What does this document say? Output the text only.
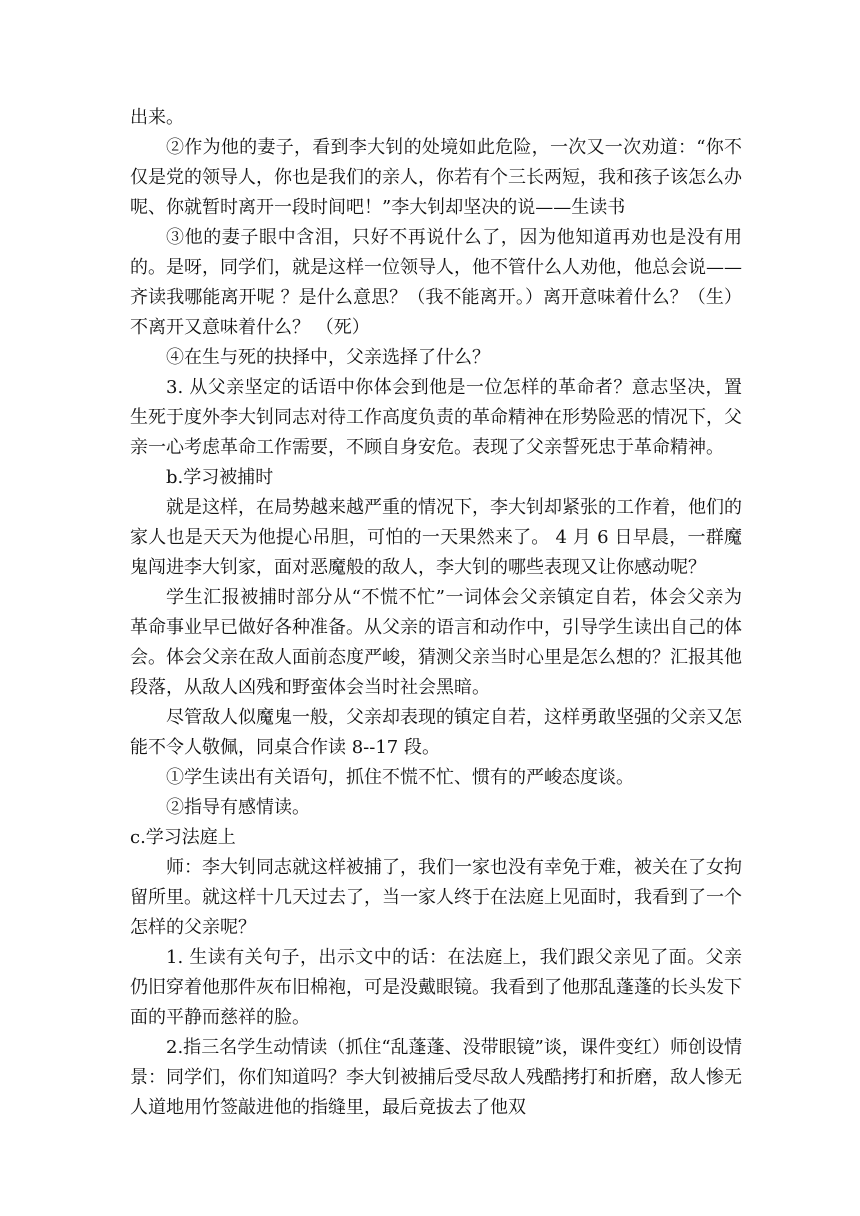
出来。

②作为他的妻子，看到李大钊的处境如此危险，一次又一次劝道：“你不仅是党的领导人，你也是我们的亲人，你若有个三长两短，我和孩子该怎么办呢、你就暂时离开一段时间吧！”李大钊却坚决的说——生读书

③他的妻子眼中含泪，只好不再说什么了，因为他知道再劝也是没有用的。是呀，同学们，就是这样一位领导人，他不管什么人劝他，他总会说——齐读我哪能离开呢 ？是什么意思？（我不能离开。）离开意味着什么？（生） 不离开又意味着什么？ （死）

④在生与死的抉择中，父亲选择了什么？

3. 从父亲坚定的话语中你体会到他是一位怎样的革命者？意志坚决，置生死于度外李大钊同志对待工作高度负责的革命精神在形势险恶的情况下，父亲一心考虑革命工作需要，不顾自身安危。表现了父亲誓死忠于革命精神。

b.学习被捕时

就是这样，在局势越来越严重的情况下，李大钊却紧张的工作着，他们的家人也是天天为他提心吊胆，可怕的一天果然来了。 4 月 6 日早晨，一群魔鬼闯进李大钊家，面对恶魔般的敌人，李大钊的哪些表现又让你感动呢？

学生汇报被捕时部分从“不慌不忙”一词体会父亲镇定自若，体会父亲为革命事业早已做好各种准备。从父亲的语言和动作中，引导学生读出自己的体会。体会父亲在敌人面前态度严峻，猜测父亲当时心里是怎么想的？汇报其他段落，从敌人凶残和野蛮体会当时社会黑暗。

尽管敌人似魔鬼一般，父亲却表现的镇定自若，这样勇敢坚强的父亲又怎能不令人敬佩，同桌合作读 8--17 段。

①学生读出有关语句，抓住不慌不忙、惯有的严峻态度谈。

②指导有感情读。

c.学习法庭上

师：李大钊同志就这样被捕了，我们一家也没有幸免于难，被关在了女拘留所里。就这样十几天过去了，当一家人终于在法庭上见面时，我看到了一个怎样的父亲呢？

1. 生读有关句子，出示文中的话：在法庭上，我们跟父亲见了面。父亲仍旧穿着他那件灰布旧棉袍，可是没戴眼镜。我看到了他那乱蓬蓬的长头发下面的平静而慈祥的脸。

2.指三名学生动情读（抓住“乱蓬蓬、没带眼镜”谈，课件变红）师创设情景：同学们，你们知道吗？李大钊被捕后受尽敌人残酷拷打和折磨，敌人惨无人道地用竹签敲进他的指缝里，最后竟拔去了他双
